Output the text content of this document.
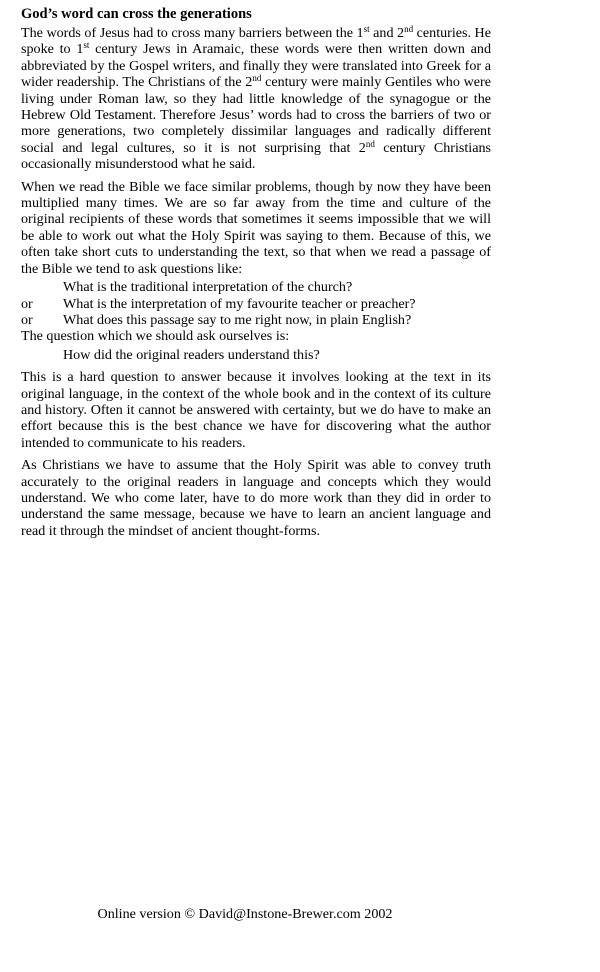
God’s word can cross the generations

The words of Jesus had to cross many barriers between the 1st and 2nd centuries. He spoke to 1st century Jews in Aramaic, these words were then written down and abbreviated by the Gospel writers, and finally they were translated into Greek for a wider readership. The Christians of the 2nd century were mainly Gentiles who were living under Roman law, so they had little knowledge of the synagogue or the Hebrew Old Testament. Therefore Jesus’ words had to cross the barriers of two or more generations, two completely dissimilar languages and radically different social and legal cultures, so it is not surprising that 2nd century Christians occasionally misunderstood what he said.

When we read the Bible we face similar problems, though by now they have been multiplied many times. We are so far away from the time and culture of the original recipients of these words that sometimes it seems impossible that we will be able to work out what the Holy Spirit was saying to them. Because of this, we often take short cuts to understanding the text, so that when we read a passage of the Bible we tend to ask questions like:

What is the traditional interpretation of the church?
or	What is the interpretation of my favourite teacher or preacher?
or	What does this passage say to me right now, in plain English?
The question which we should ask ourselves is:
How did the original readers understand this?

This is a hard question to answer because it involves looking at the text in its original language, in the context of the whole book and in the context of its culture and history. Often it cannot be answered with certainty, but we do have to make an effort because this is the best chance we have for discovering what the author intended to communicate to his readers.

As Christians we have to assume that the Holy Spirit was able to convey truth accurately to the original readers in language and concepts which they would understand. We who come later, have to do more work than they did in order to understand the same message, because we have to learn an ancient language and read it through the mindset of ancient thought-forms.

Online version © David@Instone-Brewer.com 2002
